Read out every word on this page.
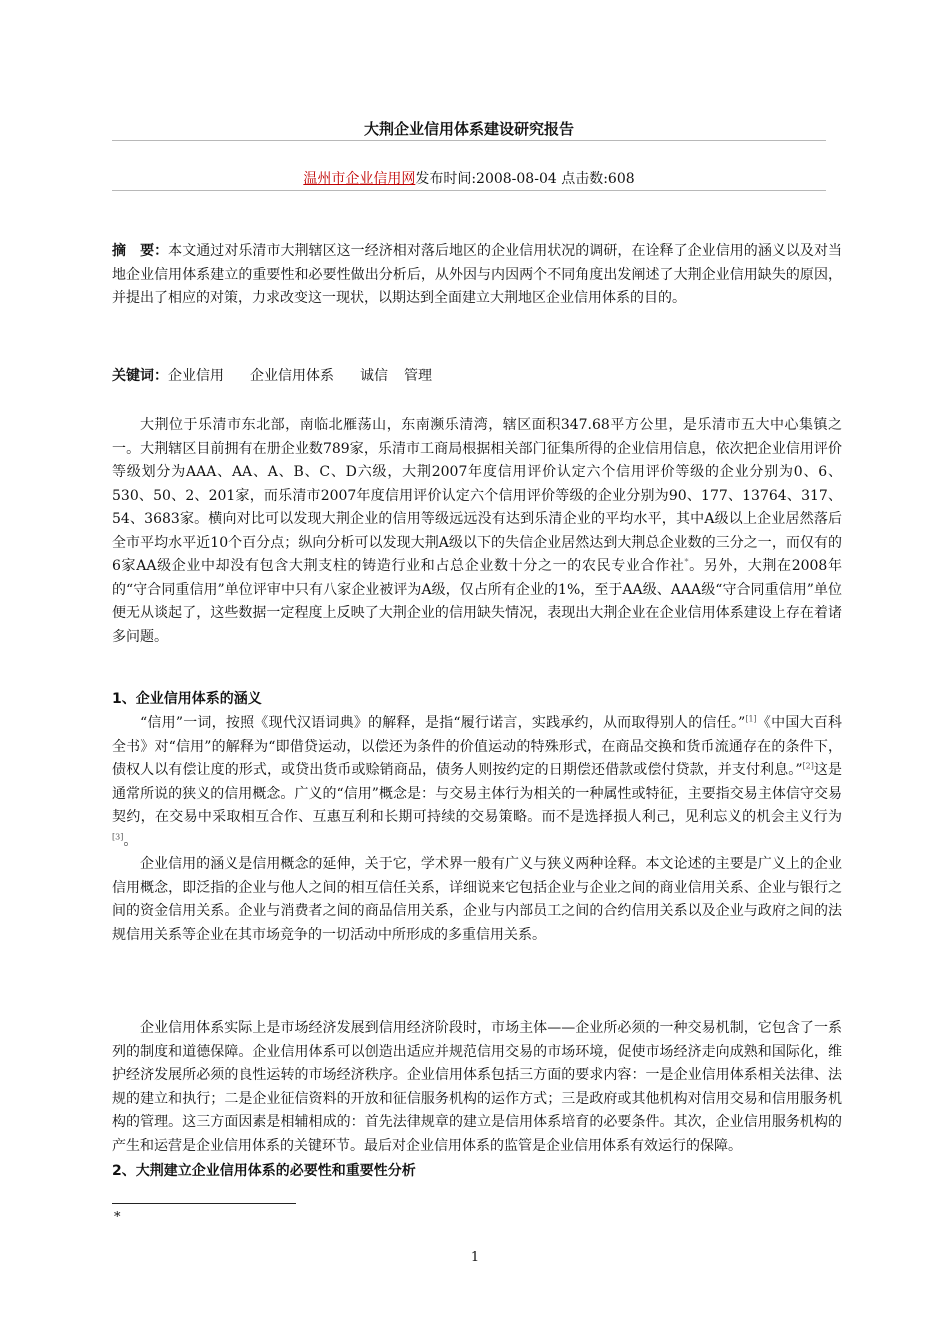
大荆企业信用体系建设研究报告
温州市企业信用网发布时间:2008-08-04 点击数:608

摘　要：本文通过对乐清市大荆辖区这一经济相对落后地区的企业信用状况的调研，在诠释了企业信用的涵义以及对当地企业信用体系建立的重要性和必要性做出分析后，从外因与内因两个不同角度出发阐述了大荆企业信用缺失的原因，并提出了相应的对策，力求改变这一现状，以期达到全面建立大荆地区企业信用体系的目的。

关键词：企业信用 企业信用体系 诚信 管理

大荆位于乐清市东北部，南临北雁荡山，东南濒乐清湾，辖区面积347.68平方公里，是乐清市五大中心集镇之一。大荆辖区目前拥有在册企业数789家，乐清市工商局根据相关部门征集所得的企业信用信息，依次把企业信用评价等级划分为AAA、AA、A、B、C、D六级，大荆2007年度信用评价认定六个信用评价等级的企业分别为0、6、530、50、2、201家，而乐清市2007年度信用评价认定六个信用评价等级的企业分别为90、177、13764、317、54、3683家。横向对比可以发现大荆企业的信用等级远远没有达到乐清企业的平均水平，其中A级以上企业居然落后全市平均水平近10个百分点；纵向分析可以发现大荆A级以下的失信企业居然达到大荆总企业数的三分之一，而仅有的6家AA级企业中却没有包含大荆支柱的铸造行业和占总企业数十分之一的农民专业合作社*。另外，大荆在2008年的“守合同重信用”单位评审中只有八家企业被评为A级，仅占所有企业的1%，至于AA级、AAA级“守合同重信用”单位便无从谈起了，这些数据一定程度上反映了大荆企业的信用缺失情况，表现出大荆企业在企业信用体系建设上存在着诸多问题。

1、企业信用体系的涵义

“信用”一词，按照《现代汉语词典》的解释，是指“履行诺言，实践承约，从而取得别人的信任。”[1]《中国大百科全书》对“信用”的解释为“即借贷运动，以偿还为条件的价值运动的特殊形式，在商品交换和货币流通存在的条件下，债权人以有偿让度的形式，或贷出货币或赊销商品，债务人则按约定的日期偿还借款或偿付贷款，并支付利息。”[2]这是通常所说的狭义的信用概念。广义的“信用”概念是：与交易主体行为相关的一种属性或特征，主要指交易主体信守交易契约，在交易中采取相互合作、互惠互利和长期可持续的交易策略。而不是选择损人利己，见利忘义的机会主义行为[3]。

企业信用的涵义是信用概念的延伸，关于它，学术界一般有广义与狭义两种诠释。本文论述的主要是广义上的企业信用概念，即泛指的企业与他人之间的相互信任关系，详细说来它包括企业与企业之间的商业信用关系、企业与银行之间的资金信用关系。企业与消费者之间的商品信用关系，企业与内部员工之间的合约信用关系以及企业与政府之间的法规信用关系等企业在其市场竞争的一切活动中所形成的多重信用关系。

企业信用体系实际上是市场经济发展到信用经济阶段时，市场主体——企业所必须的一种交易机制，它包含了一系列的制度和道德保障。企业信用体系可以创造出适应并规范信用交易的市场环境，促使市场经济走向成熟和国际化，维护经济发展所必须的良性运转的市场经济秩序。企业信用体系包括三方面的要求内容：一是企业信用体系相关法律、法规的建立和执行；二是企业征信资料的开放和征信服务机构的运作方式；三是政府或其他机构对信用交易和信用服务机构的管理。这三方面因素是相辅相成的：首先法律规章的建立是信用体系培育的必要条件。其次，企业信用服务机构的产生和运营是企业信用体系的关键环节。最后对企业信用体系的监管是企业信用体系有效运行的保障。

2、大荆建立企业信用体系的必要性和重要性分析
*
1
